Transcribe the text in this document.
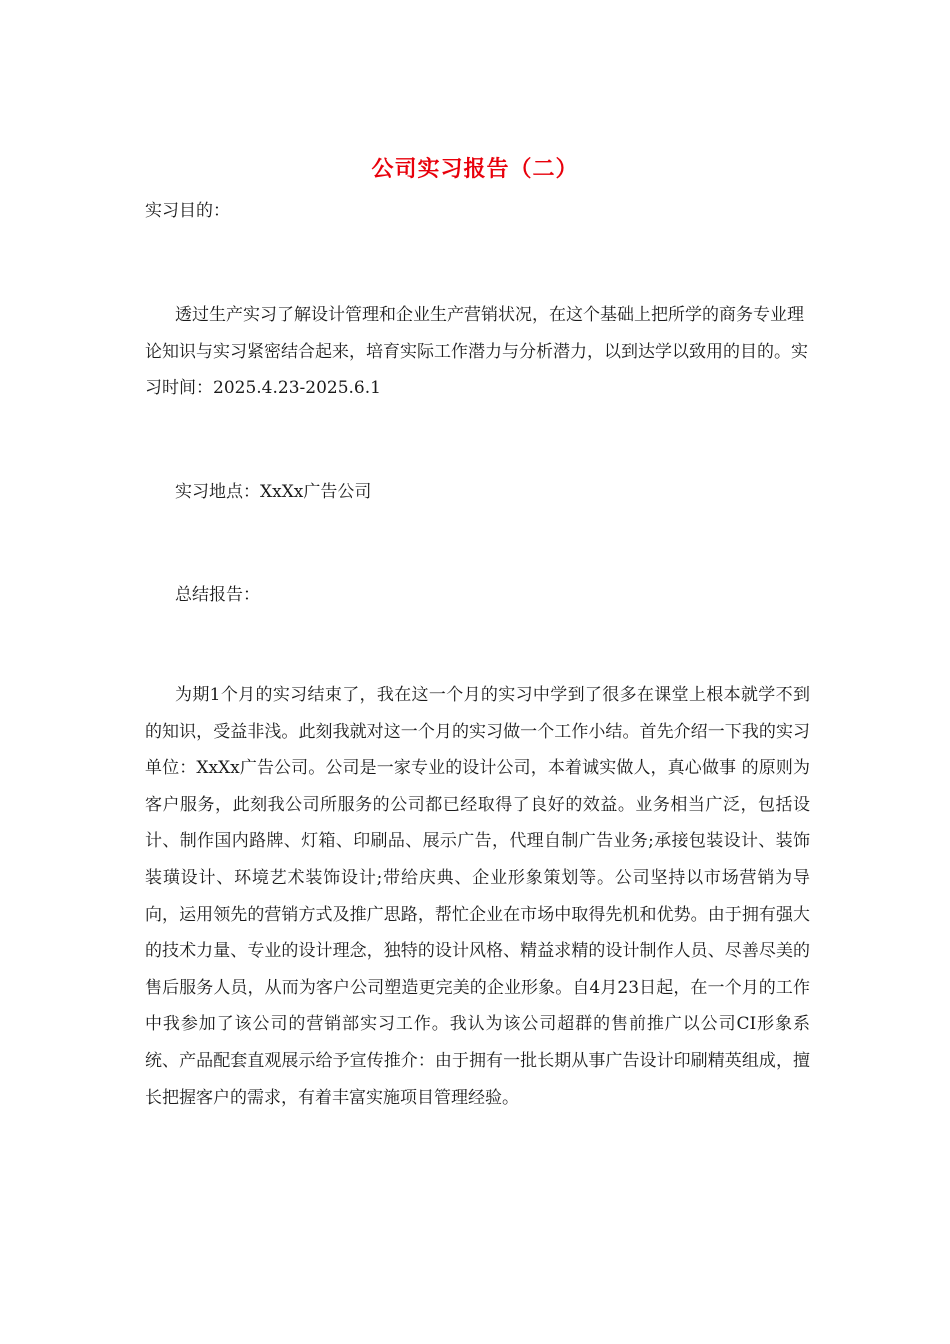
公司实习报告（二）
实习目的：
透过生产实习了解设计管理和企业生产营销状况，在这个基础上把所学的商务专业理论知识与实习紧密结合起来，培育实际工作潜力与分析潜力，以到达学以致用的目的。实习时间：2025.4.23-2025.6.1
实习地点：XxXx广告公司
总结报告：
为期1个月的实习结束了，我在这一个月的实习中学到了很多在课堂上根本就学不到的知识，受益非浅。此刻我就对这一个月的实习做一个工作小结。首先介绍一下我的实习单位：XxXx广告公司。公司是一家专业的设计公司，本着诚实做人，真心做事 的原则为客户服务，此刻我公司所服务的公司都已经取得了良好的效益。业务相当广泛，包括设计、制作国内路牌、灯箱、印刷品、展示广告，代理自制广告业务;承接包装设计、装饰装璜设计、环境艺术装饰设计;带给庆典、企业形象策划等。公司坚持以市场营销为导向，运用领先的营销方式及推广思路，帮忙企业在市场中取得先机和优势。由于拥有强大的技术力量、专业的设计理念，独特的设计风格、精益求精的设计制作人员、尽善尽美的售后服务人员，从而为客户公司塑造更完美的企业形象。自4月23日起，在一个月的工作中我参加了该公司的营销部实习工作。我认为该公司超群的售前推广以公司CI形象系统、产品配套直观展示给予宣传推介：由于拥有一批长期从事广告设计印刷精英组成，擅长把握客户的需求，有着丰富实施项目管理经验。
